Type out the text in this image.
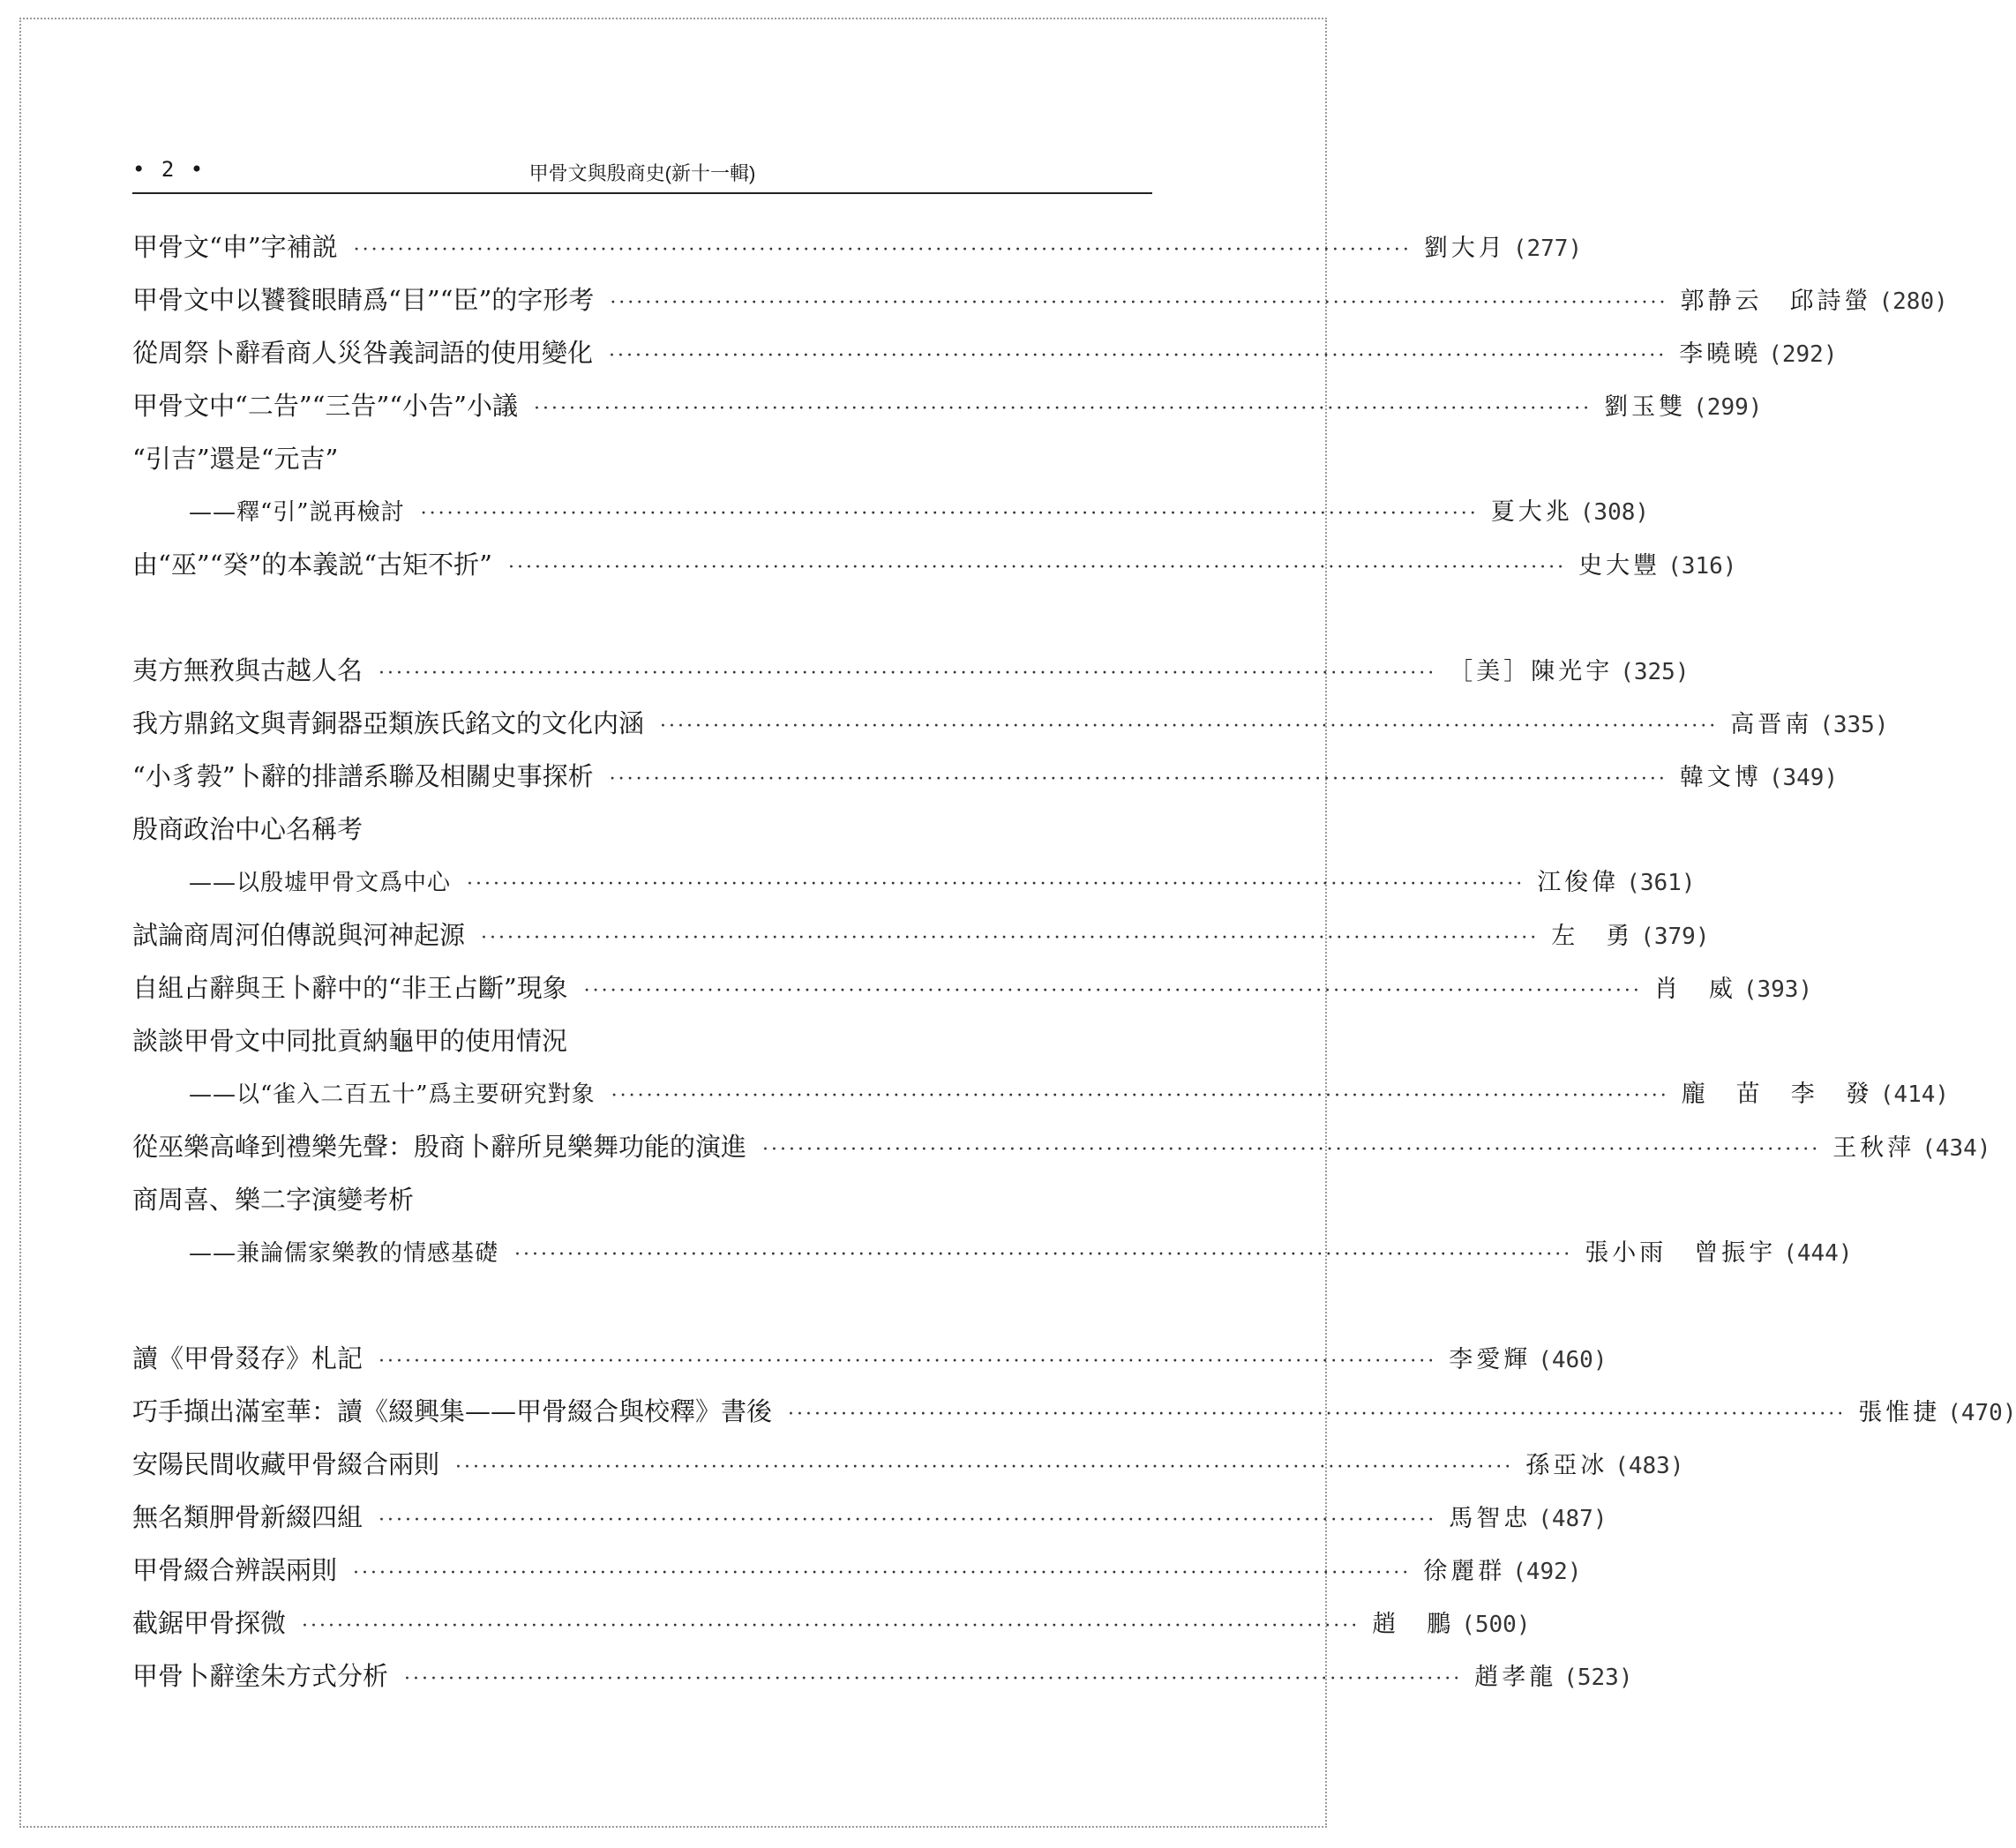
• 2 •	甲骨文與殷商史(新十一輯)
甲骨文“申”字補説 ························································································································ 劉大月 (277)
甲骨文中以饕餮眼睛爲“目”“臣”的字形考 ························································································································ 郭静云　邱詩螢 (280)
從周祭卜辭看商人災咎義詞語的使用變化 ························································································································ 李曉曉 (292)
甲骨文中“二告”“三告”“小告”小議 ························································································································ 劉玉雙 (299)
“引吉”還是“元吉”
——釋“引”説再檢討 ························································································································ 夏大兆 (308)
由“巫”“癸”的本義説“古矩不折” ························································································································ 史大豐 (316)
夷方無敄與古越人名 ························································································································ ［美］陳光宇 (325)
我方鼎銘文與青銅器亞類族氏銘文的文化内涵 ························································································································ 高晋南 (335)
“小豸㝅”卜辭的排譜系聯及相關史事探析 ························································································································ 韓文博 (349)
殷商政治中心名稱考
——以殷墟甲骨文爲中心 ························································································································ 江俊偉 (361)
試論商周河伯傳説與河神起源 ························································································································ 左　勇 (379)
自組占辭與王卜辭中的“非王占斷”現象 ························································································································ 肖　威 (393)
談談甲骨文中同批貢納龜甲的使用情況
——以“雀入二百五十”爲主要研究對象 ························································································································ 龐　苗　李　發 (414)
從巫樂高峰到禮樂先聲：殷商卜辭所見樂舞功能的演進 ························································································································ 王秋萍 (434)
商周喜、樂二字演變考析
——兼論儒家樂教的情感基礎 ························································································································ 張小雨　曾振宇 (444)
讀《甲骨叕存》札記 ························································································································ 李愛輝 (460)
巧手擷出滿室華：讀《綴興集——甲骨綴合與校釋》書後 ························································································································ 張惟捷 (470)
安陽民間收藏甲骨綴合兩則 ························································································································ 孫亞冰 (483)
無名類胛骨新綴四組 ························································································································ 馬智忠 (487)
甲骨綴合辨誤兩則 ························································································································ 徐麗群 (492)
截鋸甲骨探微 ························································································································ 趙　鵬 (500)
甲骨卜辭塗朱方式分析 ························································································································ 趙孝龍 (523)
